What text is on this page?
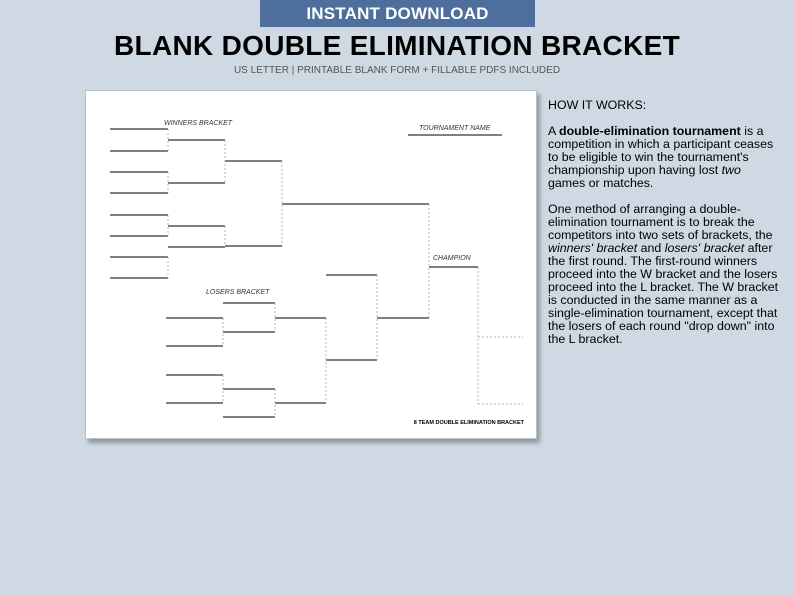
INSTANT DOWNLOAD
BLANK DOUBLE ELIMINATION BRACKET
US LETTER | PRINTABLE BLANK FORM + FILLABLE PDFS INCLUDED
WINNERS BRACKET
LOSERS BRACKET
TOURNAMENT NAME
CHAMPION
8 TEAM DOUBLE ELIMINATION BRACKET

HOW IT WORKS:

A double-elimination tournament is a competition in which a participant ceases to be eligible to win the tournament's championship upon having lost two games or matches.

One method of arranging a double-elimination tournament is to break the competitors into two sets of brackets, the winners' bracket and losers' bracket after the first round. The first-round winners proceed into the W bracket and the losers proceed into the L bracket. The W bracket is conducted in the same manner as a single-elimination tournament, except that the losers of each round "drop down" into the L bracket.
